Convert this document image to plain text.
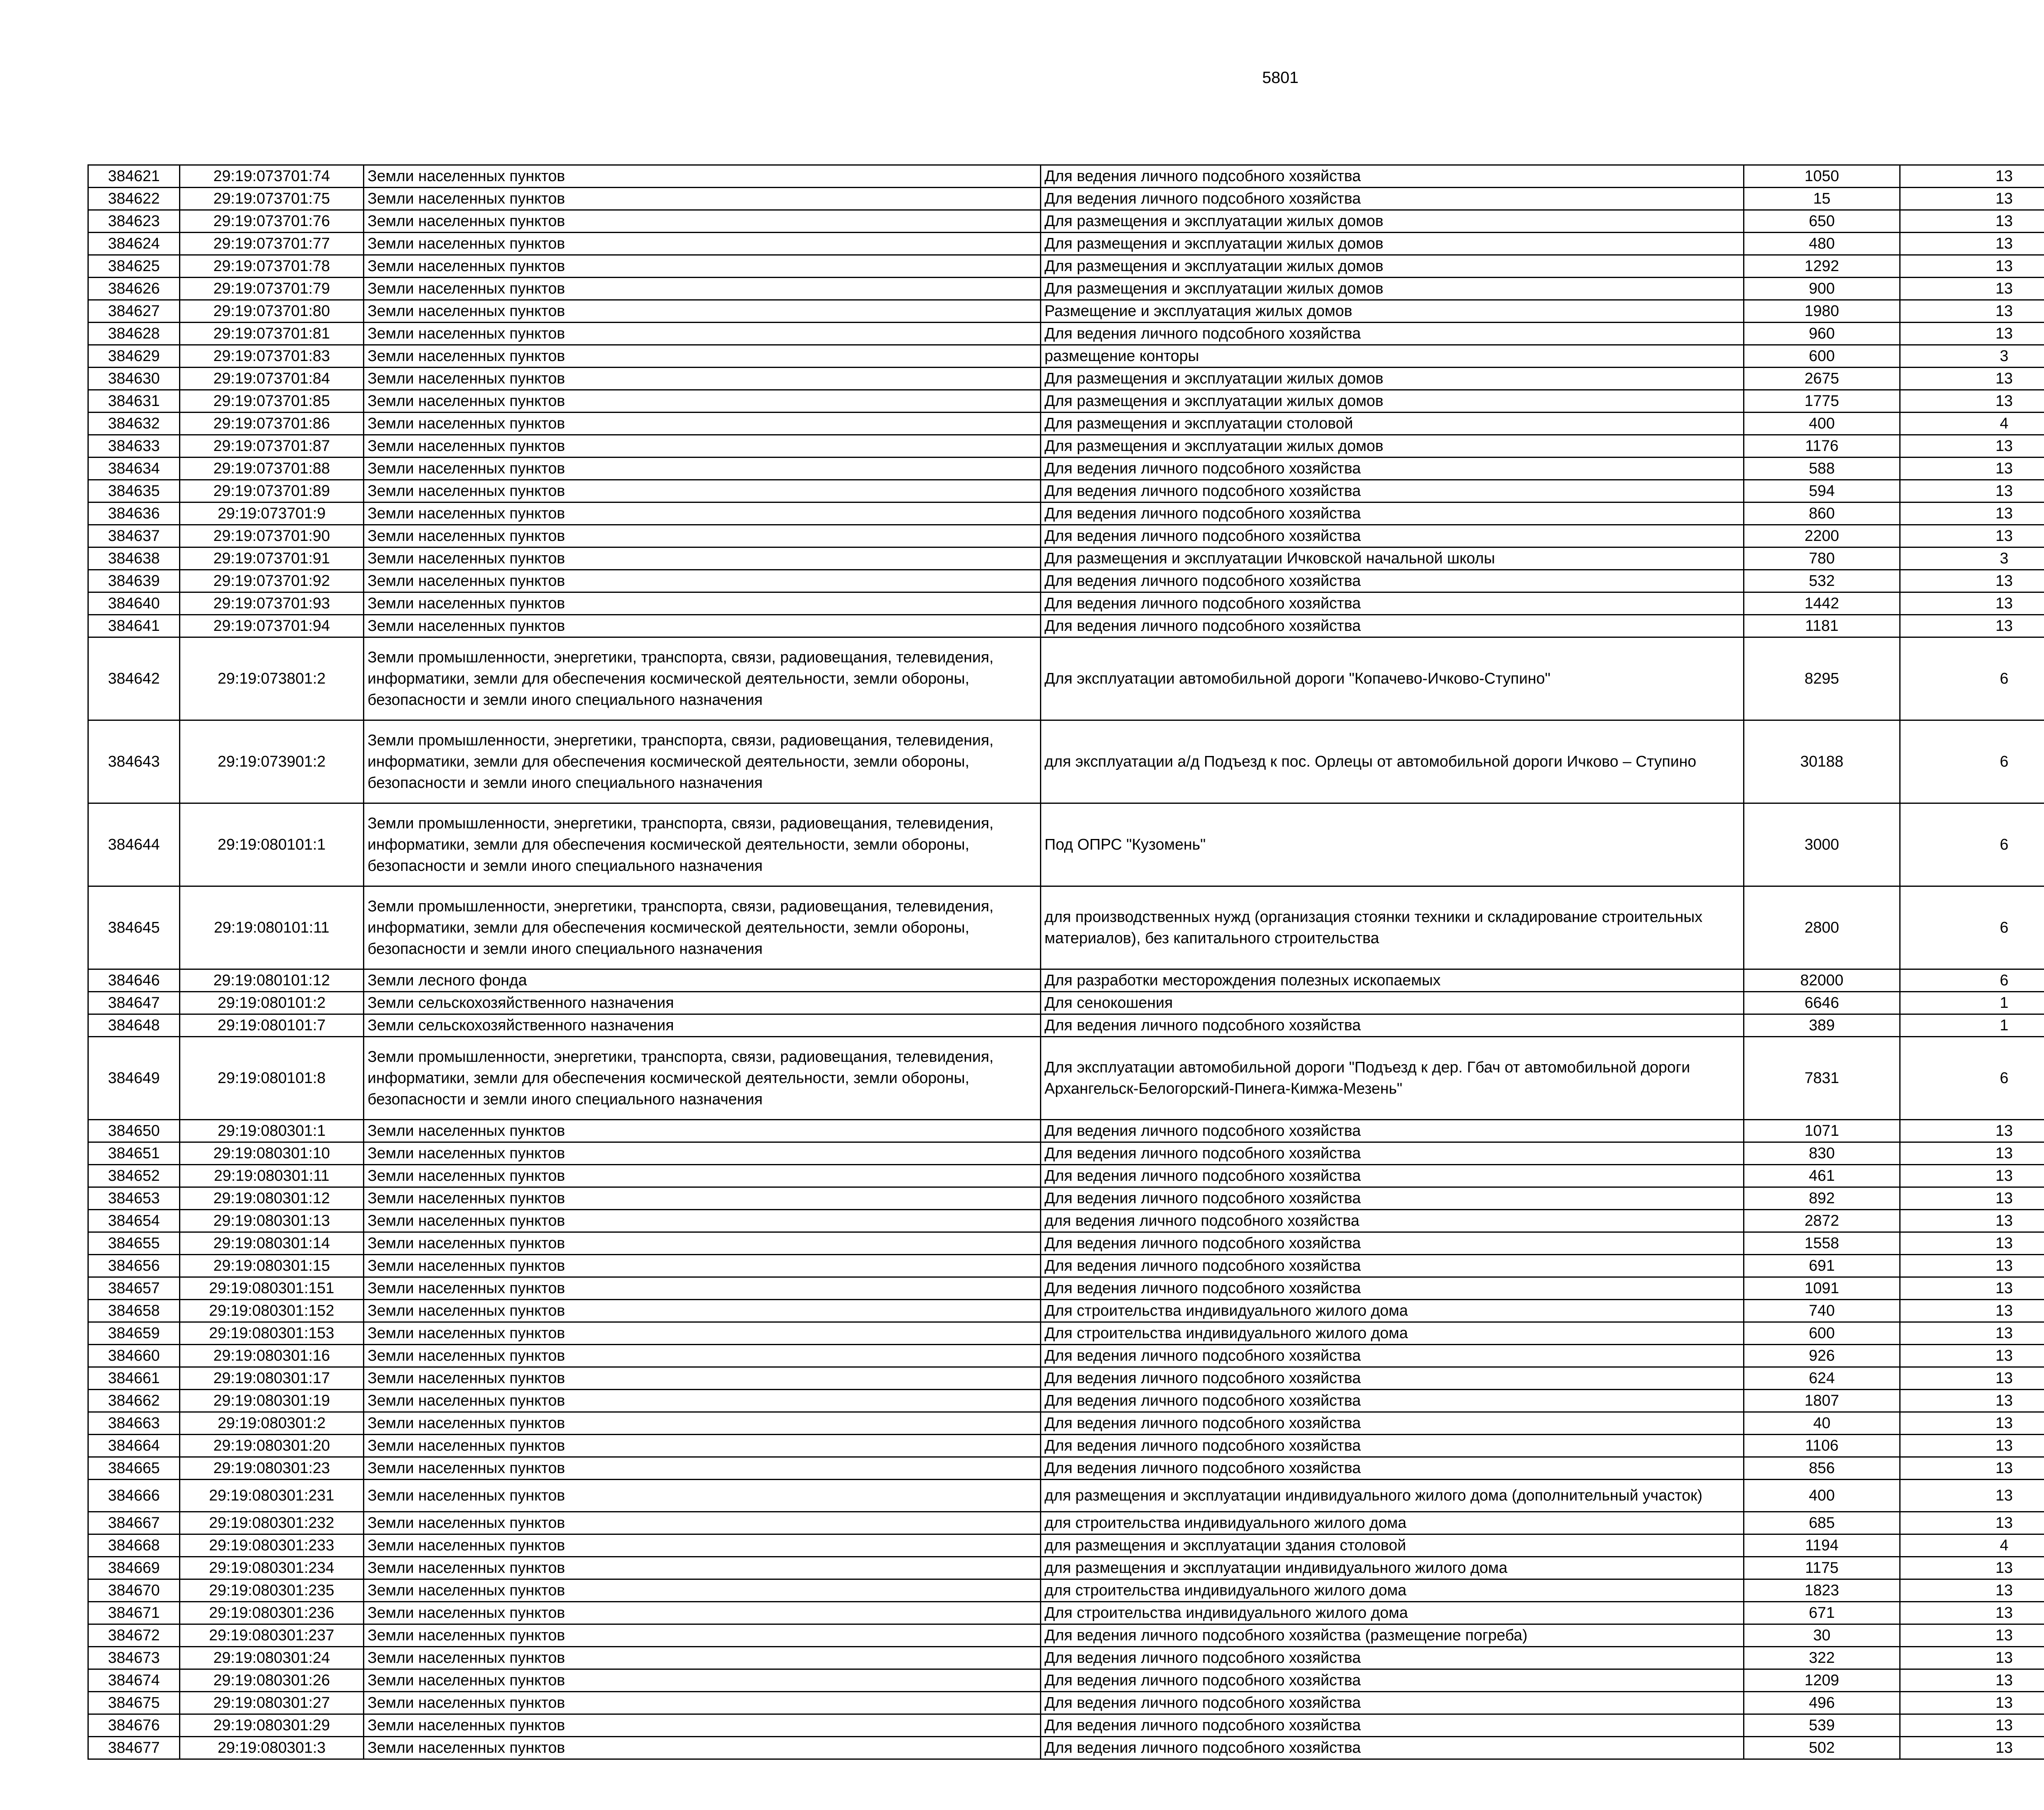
5801
384621	29:19:073701:74	Земли населенных пунктов	Для ведения личного подсобного хозяйства	1050	13		
384622	29:19:073701:75	Земли населенных пунктов	Для ведения личного подсобного хозяйства	15	13		
384623	29:19:073701:76	Земли населенных пунктов	Для размещения и эксплуатации жилых домов	650	13		
384624	29:19:073701:77	Земли населенных пунктов	Для размещения и эксплуатации жилых домов	480	13		
384625	29:19:073701:78	Земли населенных пунктов	Для размещения и эксплуатации жилых домов	1292	13		
384626	29:19:073701:79	Земли населенных пунктов	Для размещения и эксплуатации жилых домов	900	13		
384627	29:19:073701:80	Земли населенных пунктов	Размещение и эксплуатация жилых домов	1980	13		
384628	29:19:073701:81	Земли населенных пунктов	Для ведения личного подсобного хозяйства	960	13		
384629	29:19:073701:83	Земли населенных пунктов	размещение конторы	600	3		
384630	29:19:073701:84	Земли населенных пунктов	Для размещения и эксплуатации жилых домов	2675	13		
384631	29:19:073701:85	Земли населенных пунктов	Для размещения и эксплуатации жилых домов	1775	13		
384632	29:19:073701:86	Земли населенных пунктов	Для размещения и эксплуатации столовой	400	4		
384633	29:19:073701:87	Земли населенных пунктов	Для размещения и эксплуатации жилых домов	1176	13		
384634	29:19:073701:88	Земли населенных пунктов	Для ведения личного подсобного хозяйства	588	13		
384635	29:19:073701:89	Земли населенных пунктов	Для ведения личного подсобного хозяйства	594	13		
384636	29:19:073701:9	Земли населенных пунктов	Для ведения личного подсобного хозяйства	860	13		
384637	29:19:073701:90	Земли населенных пунктов	Для ведения личного подсобного хозяйства	2200	13		
384638	29:19:073701:91	Земли населенных пунктов	Для размещения и эксплуатации Ичковской начальной школы	780	3		
384639	29:19:073701:92	Земли населенных пунктов	Для ведения личного подсобного хозяйства	532	13		
384640	29:19:073701:93	Земли населенных пунктов	Для ведения личного подсобного хозяйства	1442	13		
384641	29:19:073701:94	Земли населенных пунктов	Для ведения личного подсобного хозяйства	1181	13		
384642	29:19:073801:2	Земли промышленности, энергетики, транспорта, связи, радиовещания, телевидения, информатики, земли для обеспечения космической деятельности, земли обороны, безопасности и земли иного специального назначения	Для эксплуатации автомобильной дороги "Копачево-Ичково-Ступино"	8295	6		
384643	29:19:073901:2	Земли промышленности, энергетики, транспорта, связи, радиовещания, телевидения, информатики, земли для обеспечения космической деятельности, земли обороны, безопасности и земли иного специального назначения	для эксплуатации а/д Подъезд к пос. Орлецы от автомобильной дороги Ичково – Ступино	30188	6		
384644	29:19:080101:1	Земли промышленности, энергетики, транспорта, связи, радиовещания, телевидения, информатики, земли для обеспечения космической деятельности, земли обороны, безопасности и земли иного специального назначения	Под ОПРС "Кузомень"	3000	6		
384645	29:19:080101:11	Земли промышленности, энергетики, транспорта, связи, радиовещания, телевидения, информатики, земли для обеспечения космической деятельности, земли обороны, безопасности и земли иного специального назначения	для производственных нужд (организация стоянки техники и складирование строительных материалов), без капитального строительства	2800	6		
384646	29:19:080101:12	Земли лесного фонда	Для разработки месторождения полезных ископаемых	82000	6		
384647	29:19:080101:2	Земли сельскохозяйственного назначения	Для сенокошения	6646	1		
384648	29:19:080101:7	Земли сельскохозяйственного назначения	Для ведения личного подсобного хозяйства	389	1		
384649	29:19:080101:8	Земли промышленности, энергетики, транспорта, связи, радиовещания, телевидения, информатики, земли для обеспечения космической деятельности, земли обороны, безопасности и земли иного специального назначения	Для эксплуатации автомобильной дороги "Подъезд к дер. Гбач от автомобильной дороги Архангельск-Белогорский-Пинега-Кимжа-Мезень"	7831	6		
384650	29:19:080301:1	Земли населенных пунктов	Для ведения личного подсобного хозяйства	1071	13		
384651	29:19:080301:10	Земли населенных пунктов	Для ведения личного подсобного хозяйства	830	13		
384652	29:19:080301:11	Земли населенных пунктов	Для ведения личного подсобного хозяйства	461	13		
384653	29:19:080301:12	Земли населенных пунктов	Для ведения личного подсобного хозяйства	892	13		
384654	29:19:080301:13	Земли населенных пунктов	для ведения личного подсобного хозяйства	2872	13		
384655	29:19:080301:14	Земли населенных пунктов	Для ведения личного подсобного хозяйства	1558	13		
384656	29:19:080301:15	Земли населенных пунктов	Для ведения личного подсобного хозяйства	691	13		
384657	29:19:080301:151	Земли населенных пунктов	Для ведения личного подсобного хозяйства	1091	13		
384658	29:19:080301:152	Земли населенных пунктов	Для строительства индивидуального жилого дома	740	13		
384659	29:19:080301:153	Земли населенных пунктов	Для строительства индивидуального жилого дома	600	13		
384660	29:19:080301:16	Земли населенных пунктов	Для ведения личного подсобного хозяйства	926	13		
384661	29:19:080301:17	Земли населенных пунктов	Для ведения личного подсобного хозяйства	624	13		
384662	29:19:080301:19	Земли населенных пунктов	Для ведения личного подсобного хозяйства	1807	13		
384663	29:19:080301:2	Земли населенных пунктов	Для ведения личного подсобного хозяйства	40	13		
384664	29:19:080301:20	Земли населенных пунктов	Для ведения личного подсобного хозяйства	1106	13		
384665	29:19:080301:23	Земли населенных пунктов	Для ведения личного подсобного хозяйства	856	13		
384666	29:19:080301:231	Земли населенных пунктов	для размещения и эксплуатации индивидуального жилого дома (дополнительный участок)	400	13		
384667	29:19:080301:232	Земли населенных пунктов	для строительства индивидуального жилого дома	685	13		
384668	29:19:080301:233	Земли населенных пунктов	для размещения и эксплуатации здания столовой	1194	4		
384669	29:19:080301:234	Земли населенных пунктов	для размещения и эксплуатации индивидуального жилого дома	1175	13		
384670	29:19:080301:235	Земли населенных пунктов	для строительства индивидуального жилого дома	1823	13		
384671	29:19:080301:236	Земли населенных пунктов	Для строительства индивидуального жилого дома	671	13		
384672	29:19:080301:237	Земли населенных пунктов	Для ведения личного подсобного хозяйства (размещение погреба)	30	13		
384673	29:19:080301:24	Земли населенных пунктов	Для ведения личного подсобного хозяйства	322	13		
384674	29:19:080301:26	Земли населенных пунктов	Для ведения личного подсобного хозяйства	1209	13		
384675	29:19:080301:27	Земли населенных пунктов	Для ведения личного подсобного хозяйства	496	13		
384676	29:19:080301:29	Земли населенных пунктов	Для ведения личного подсобного хозяйства	539	13		
384677	29:19:080301:3	Земли населенных пунктов	Для ведения личного подсобного хозяйства	502	13		
